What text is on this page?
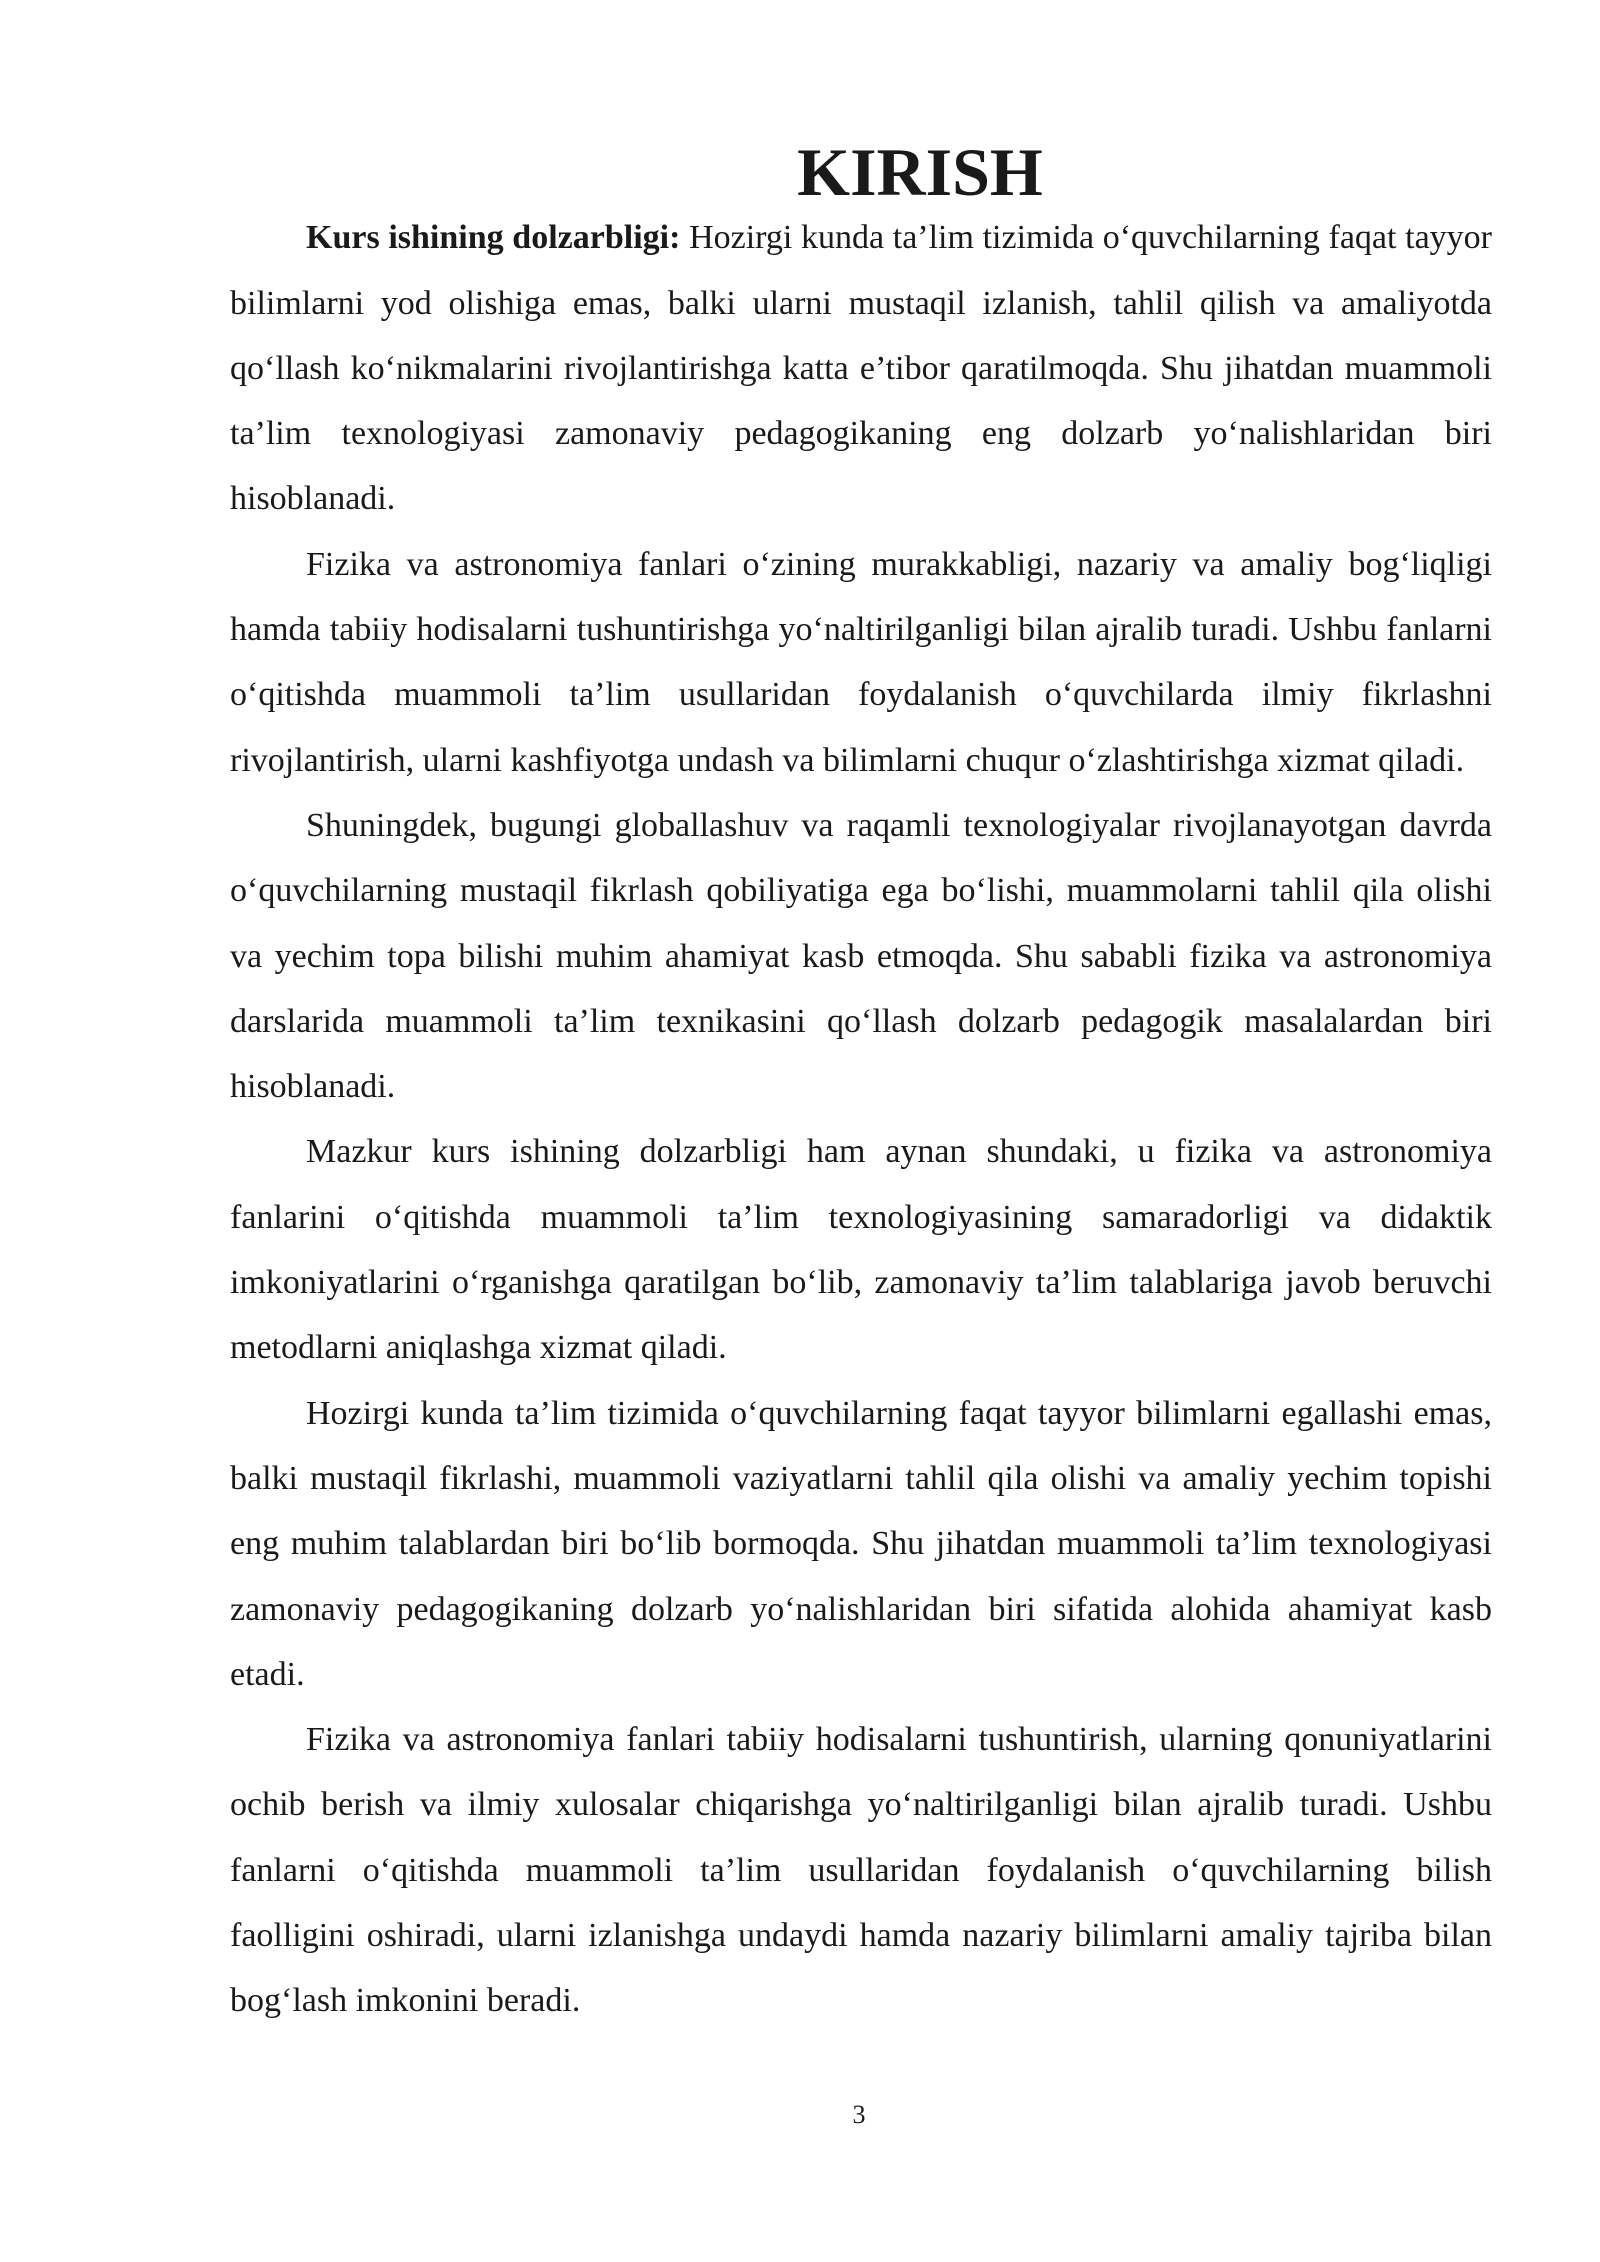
KIRISH

Kurs ishining dolzarbligi: Hozirgi kunda ta’lim tizimida o‘quvchilarning faqat tayyor bilimlarni yod olishiga emas, balki ularni mustaqil izlanish, tahlil qilish va amaliyotda qo‘llash ko‘nikmalarini rivojlantirishga katta e’tibor qaratilmoqda. Shu jihatdan muammoli ta’lim texnologiyasi zamonaviy pedagogikaning eng dolzarb yo‘nalishlaridan biri hisoblanadi.

Fizika va astronomiya fanlari o‘zining murakkabligi, nazariy va amaliy bog‘liqligi hamda tabiiy hodisalarni tushuntirishga yo‘naltirilganligi bilan ajralib turadi. Ushbu fanlarni o‘qitishda muammoli ta’lim usullaridan foydalanish o‘quvchilarda ilmiy fikrlashni rivojlantirish, ularni kashfiyotga undash va bilimlarni chuqur o‘zlashtirishga xizmat qiladi.

Shuningdek, bugungi globallashuv va raqamli texnologiyalar rivojlanayotgan davrda o‘quvchilarning mustaqil fikrlash qobiliyatiga ega bo‘lishi, muammolarni tahlil qila olishi va yechim topa bilishi muhim ahamiyat kasb etmoqda. Shu sababli fizika va astronomiya darslarida muammoli ta’lim texnikasini qo‘llash dolzarb pedagogik masalalardan biri hisoblanadi.

Mazkur kurs ishining dolzarbligi ham aynan shundaki, u fizika va astronomiya fanlarini o‘qitishda muammoli ta’lim texnologiyasining samaradorligi va didaktik imkoniyatlarini o‘rganishga qaratilgan bo‘lib, zamonaviy ta’lim talablariga javob beruvchi metodlarni aniqlashga xizmat qiladi.

Hozirgi kunda ta’lim tizimida o‘quvchilarning faqat tayyor bilimlarni egallashi emas, balki mustaqil fikrlashi, muammoli vaziyatlarni tahlil qila olishi va amaliy yechim topishi eng muhim talablardan biri bo‘lib bormoqda. Shu jihatdan muammoli ta’lim texnologiyasi zamonaviy pedagogikaning dolzarb yo‘nalishlaridan biri sifatida alohida ahamiyat kasb etadi.

Fizika va astronomiya fanlari tabiiy hodisalarni tushuntirish, ularning qonuniyatlarini ochib berish va ilmiy xulosalar chiqarishga yo‘naltirilganligi bilan ajralib turadi. Ushbu fanlarni o‘qitishda muammoli ta’lim usullaridan foydalanish o‘quvchilarning bilish faolligini oshiradi, ularni izlanishga undaydi hamda nazariy bilimlarni amaliy tajriba bilan bog‘lash imkonini beradi.

3
